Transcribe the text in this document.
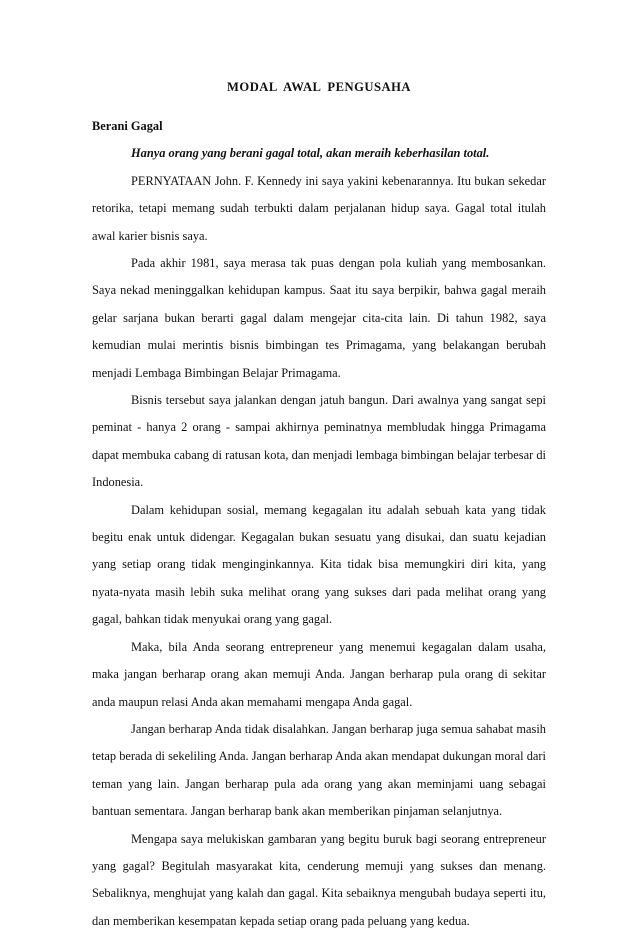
MODAL AWAL PENGUSAHA

Berani Gagal

Hanya orang yang berani gagal total, akan meraih keberhasilan total.

PERNYATAAN John. F. Kennedy ini saya yakini kebenarannya. Itu bukan sekedar retorika, tetapi memang sudah terbukti dalam perjalanan hidup saya. Gagal total itulah awal karier bisnis saya.

Pada akhir 1981, saya merasa tak puas dengan pola kuliah yang membosankan. Saya nekad meninggalkan kehidupan kampus. Saat itu saya berpikir, bahwa gagal meraih gelar sarjana bukan berarti gagal dalam mengejar cita-cita lain. Di tahun 1982, saya kemudian mulai merintis bisnis bimbingan tes Primagama, yang belakangan berubah menjadi Lembaga Bimbingan Belajar Primagama.

Bisnis tersebut saya jalankan dengan jatuh bangun. Dari awalnya yang sangat sepi peminat - hanya 2 orang - sampai akhirnya peminatnya membludak hingga Primagama dapat membuka cabang di ratusan kota, dan menjadi lembaga bimbingan belajar terbesar di Indonesia.

Dalam kehidupan sosial, memang kegagalan itu adalah sebuah kata yang tidak begitu enak untuk didengar. Kegagalan bukan sesuatu yang disukai, dan suatu kejadian yang setiap orang tidak menginginkannya. Kita tidak bisa memungkiri diri kita, yang nyata-nyata masih lebih suka melihat orang yang sukses dari pada melihat orang yang gagal, bahkan tidak menyukai orang yang gagal.

Maka, bila Anda seorang entrepreneur yang menemui kegagalan dalam usaha, maka jangan berharap orang akan memuji Anda. Jangan berharap pula orang di sekitar anda maupun relasi Anda akan memahami mengapa Anda gagal.

Jangan berharap Anda tidak disalahkan. Jangan berharap juga semua sahabat masih tetap berada di sekeliling Anda. Jangan berharap Anda akan mendapat dukungan moral dari teman yang lain. Jangan berharap pula ada orang yang akan meminjami uang sebagai bantuan sementara. Jangan berharap bank akan memberikan pinjaman selanjutnya.

Mengapa saya melukiskan gambaran yang begitu buruk bagi seorang entrepreneur yang gagal? Begitulah masyarakat kita, cenderung memuji yang sukses dan menang. Sebaliknya, menghujat yang kalah dan gagal. Kita sebaiknya mengubah budaya seperti itu, dan memberikan kesempatan kepada setiap orang pada peluang yang kedua.
